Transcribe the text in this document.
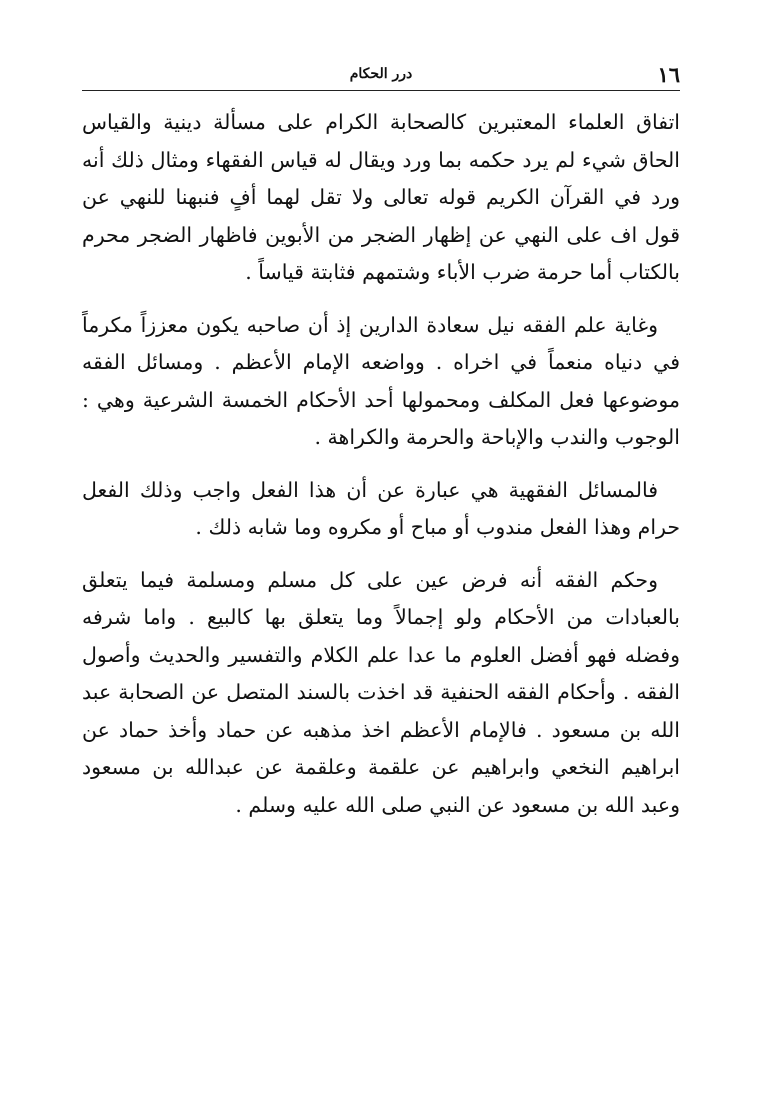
١٦
درر الحكام

اتفاق العلماء المعتبرين كالصحابة الكرام على مسألة دينية والقياس الحاق شيء لم يرد حكمه بما ورد ويقال له قياس الفقهاء ومثال ذلك أنه ورد في القرآن الكريم قوله تعالى ولا تقل لهما أفٍ فنبهنا للنهي عن قول اف على النهي عن إظهار الضجر من الأبوين فاظهار الضجر محرم بالكتاب أما حرمة ضرب الأباء وشتمهم فثابتة قياساً .

وغاية علم الفقه نيل سعادة الدارين إذ أن صاحبه يكون معززاً مكرماً في دنياه منعماً في اخراه . وواضعه الإمام الأعظم . ومسائل الفقه موضوعها فعل المكلف ومحمولها أحد الأحكام الخمسة الشرعية وهي : الوجوب والندب والإباحة والحرمة والكراهة .

فالمسائل الفقهية هي عبارة عن أن هذا الفعل واجب وذلك الفعل حرام وهذا الفعل مندوب أو مباح أو مكروه وما شابه ذلك .

وحكم الفقه أنه فرض عين على كل مسلم ومسلمة فيما يتعلق بالعبادات من الأحكام ولو إجمالاً وما يتعلق بها كالبيع . واما شرفه وفضله فهو أفضل العلوم ما عدا علم الكلام والتفسير والحديث وأصول الفقه . وأحكام الفقه الحنفية قد اخذت بالسند المتصل عن الصحابة عبد الله بن مسعود . فالإمام الأعظم اخذ مذهبه عن حماد وأخذ حماد عن ابراهيم النخعي وابراهيم عن علقمة وعلقمة عن عبدالله بن مسعود وعبد الله بن مسعود عن النبي صلى الله عليه وسلم .
